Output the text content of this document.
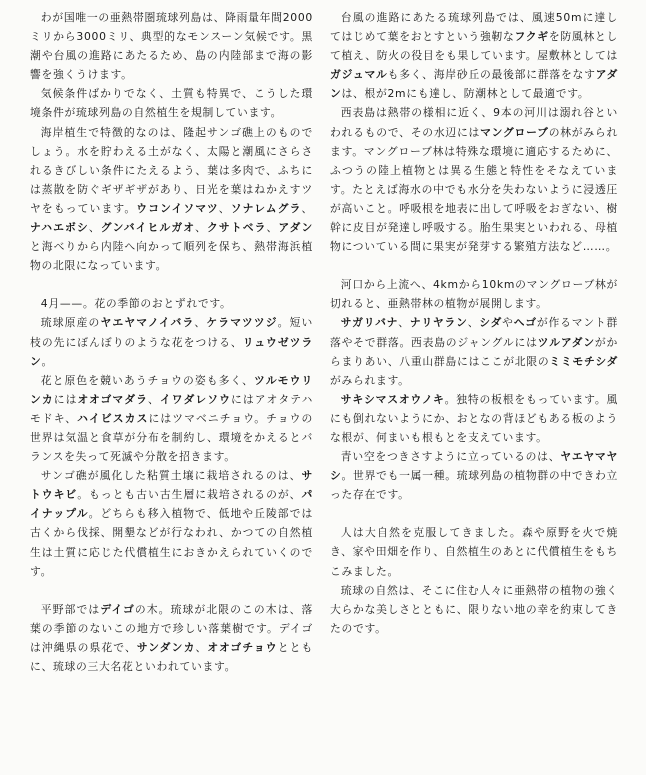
わが国唯一の亜熱帯圏琉球列島は、降雨量年間2000ミリから3000ミリ、典型的なモンスーン気候です。黒潮や台風の進路にあたるため、島の内陸部まで海の影響を強くうけます。

気候条件ばかりでなく、土質も特異で、こうした環境条件が琉球列島の自然植生を規制しています。

海岸植生で特徴的なのは、隆起サンゴ礁上のものでしょう。水を貯わえる土がなく、太陽と潮風にさらされるきびしい条件にたえるよう、葉は多肉で、ふちには蒸散を防ぐギザギザがあり、日光を葉はねかえすツヤをもっています。ウコンイソマツ、ソナレムグラ、ナハエボシ、グンバイヒルガオ、クサトベラ、アダンと海べりから内陸へ向かって順列を保ち、熱帯海浜植物の北限になっています。

4月——。花の季節のおとずれです。

琉球原産のヤエヤマノイバラ、ケラマツツジ。短い枝の先にぼんぼりのような花をつける、リュウゼツラン。

花と原色を競いあうチョウの姿も多く、ツルモウリンカにはオオゴマダラ、イワダレソウにはアオタテハモドキ、ハイビスカスにはツマベニチョウ。チョウの世界は気温と食草が分布を制約し、環境をかえるとバランスを失って死滅や分散を招きます。

サンゴ礁が風化した粘質土壌に栽培されるのは、サトウキビ。もっとも古い古生層に栽培されるのが、パイナップル。どちらも移入植物で、低地や丘陵部では古くから伐採、開墾などが行なわれ、かつての自然植生は土質に応じた代償植生におきかえられていくのです。

平野部ではデイゴの木。琉球が北限のこの木は、落葉の季節のないこの地方で珍しい落葉樹です。デイゴは沖縄県の県花で、サンダンカ、オオゴチョウとともに、琉球の三大名花といわれています。

台風の進路にあたる琉球列島では、風速50mに達してはじめて葉をおとすという強靭なフクギを防風林として植え、防火の役目をも果しています。屋敷林としてはガジュマルも多く、海岸砂丘の最後部に群落をなすアダンは、根が2mにも達し、防潮林として最適です。

西表島は熱帯の様相に近く、9本の河川は溺れ谷といわれるもので、その水辺にはマングローブの林がみられます。マングローブ林は特殊な環境に適応するために、ふつうの陸上植物とは異る生態と特性をそなえています。たとえば海水の中でも水分を失わないように浸透圧が高いこと。呼吸根を地表に出して呼吸をおぎない、樹幹に皮目が発達し呼吸する。胎生果実といわれる、母植物についている間に果実が発芽する繁殖方法など……。

河口から上流へ、4kmから10kmのマングローブ林が切れると、亜熱帯林の植物が展開します。

サガリバナ、ナリヤラン、シダやヘゴが作るマント群落やそで群落。西表島のジャングルにはツルアダンがからまりあい、八重山群島にはここが北限のミミモチシダがみられます。

サキシマスオウノキ。独特の板根をもっています。風にも倒れないようにか、おとなの背ほどもある板のような根が、何まいも根もとを支えています。

青い空をつきさすように立っているのは、ヤエヤマヤシ。世界でも一属一種。琉球列島の植物群の中できわ立った存在です。

人は大自然を克服してきました。森や原野を火で焼き、家や田畑を作り、自然植生のあとに代償植生をもちこみました。

琉球の自然は、そこに住む人々に亜熱帯の植物の強く大らかな美しさとともに、限りない地の幸を約束してきたのです。
